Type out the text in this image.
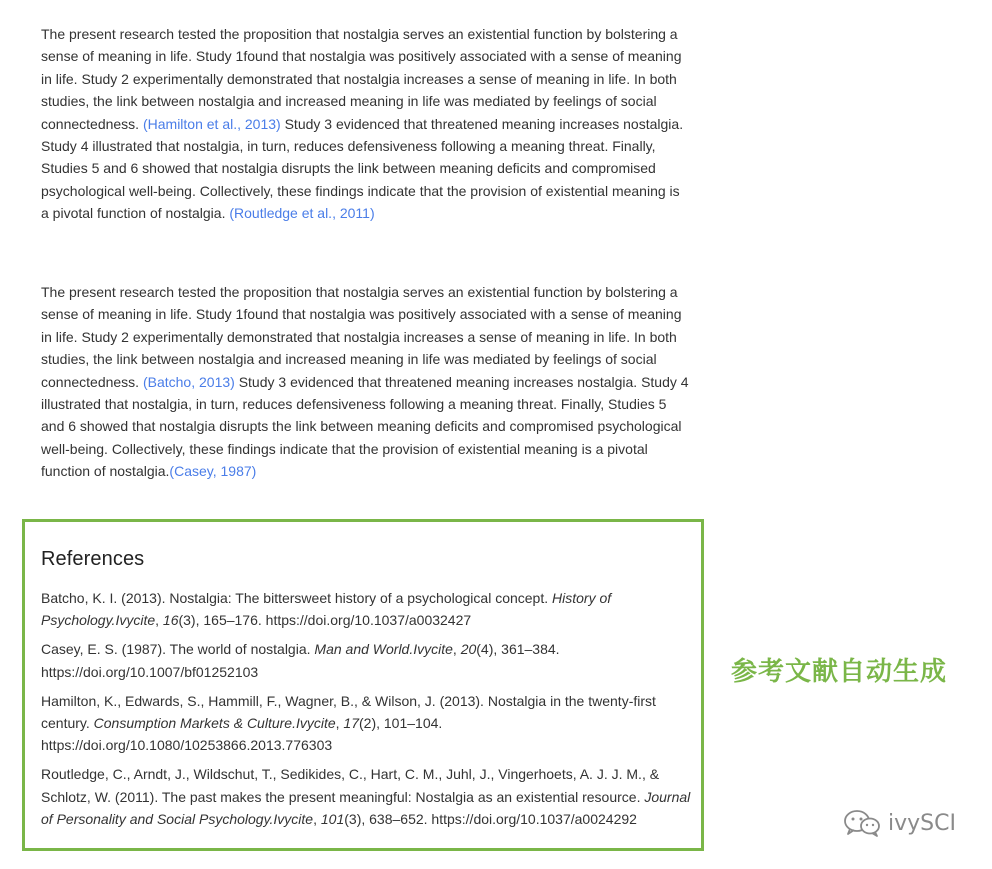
The present research tested the proposition that nostalgia serves an existential function by bolstering a sense of meaning in life. Study 1found that nostalgia was positively associated with a sense of meaning in life. Study 2 experimentally demonstrated that nostalgia increases a sense of meaning in life. In both studies, the link between nostalgia and increased meaning in life was mediated by feelings of social connectedness. (Hamilton et al., 2013) Study 3 evidenced that threatened meaning increases nostalgia. Study 4 illustrated that nostalgia, in turn, reduces defensiveness following a meaning threat. Finally, Studies 5 and 6 showed that nostalgia disrupts the link between meaning deficits and compromised psychological well-being. Collectively, these findings indicate that the provision of existential meaning is a pivotal function of nostalgia. (Routledge et al., 2011)

The present research tested the proposition that nostalgia serves an existential function by bolstering a sense of meaning in life. Study 1found that nostalgia was positively associated with a sense of meaning in life. Study 2 experimentally demonstrated that nostalgia increases a sense of meaning in life. In both studies, the link between nostalgia and increased meaning in life was mediated by feelings of social connectedness. (Batcho, 2013) Study 3 evidenced that threatened meaning increases nostalgia. Study 4 illustrated that nostalgia, in turn, reduces defensiveness following a meaning threat. Finally, Studies 5 and 6 showed that nostalgia disrupts the link between meaning deficits and compromised psychological well-being. Collectively, these findings indicate that the provision of existential meaning is a pivotal function of nostalgia.(Casey, 1987)

References

Batcho, K. I. (2013). Nostalgia: The bittersweet history of a psychological concept. History of Psychology.Ivycite, 16(3), 165–176. https://doi.org/10.1037/a0032427

Casey, E. S. (1987). The world of nostalgia. Man and World.Ivycite, 20(4), 361–384. https://doi.org/10.1007/bf01252103

Hamilton, K., Edwards, S., Hammill, F., Wagner, B., & Wilson, J. (2013). Nostalgia in the twenty-first century. Consumption Markets & Culture.Ivycite, 17(2), 101–104. https://doi.org/10.1080/10253866.2013.776303

Routledge, C., Arndt, J., Wildschut, T., Sedikides, C., Hart, C. M., Juhl, J., Vingerhoets, A. J. J. M., & Schlotz, W. (2011). The past makes the present meaningful: Nostalgia as an existential resource. Journal of Personality and Social Psychology.Ivycite, 101(3), 638–652. https://doi.org/10.1037/a0024292

参考文献自动生成
ivySCI
